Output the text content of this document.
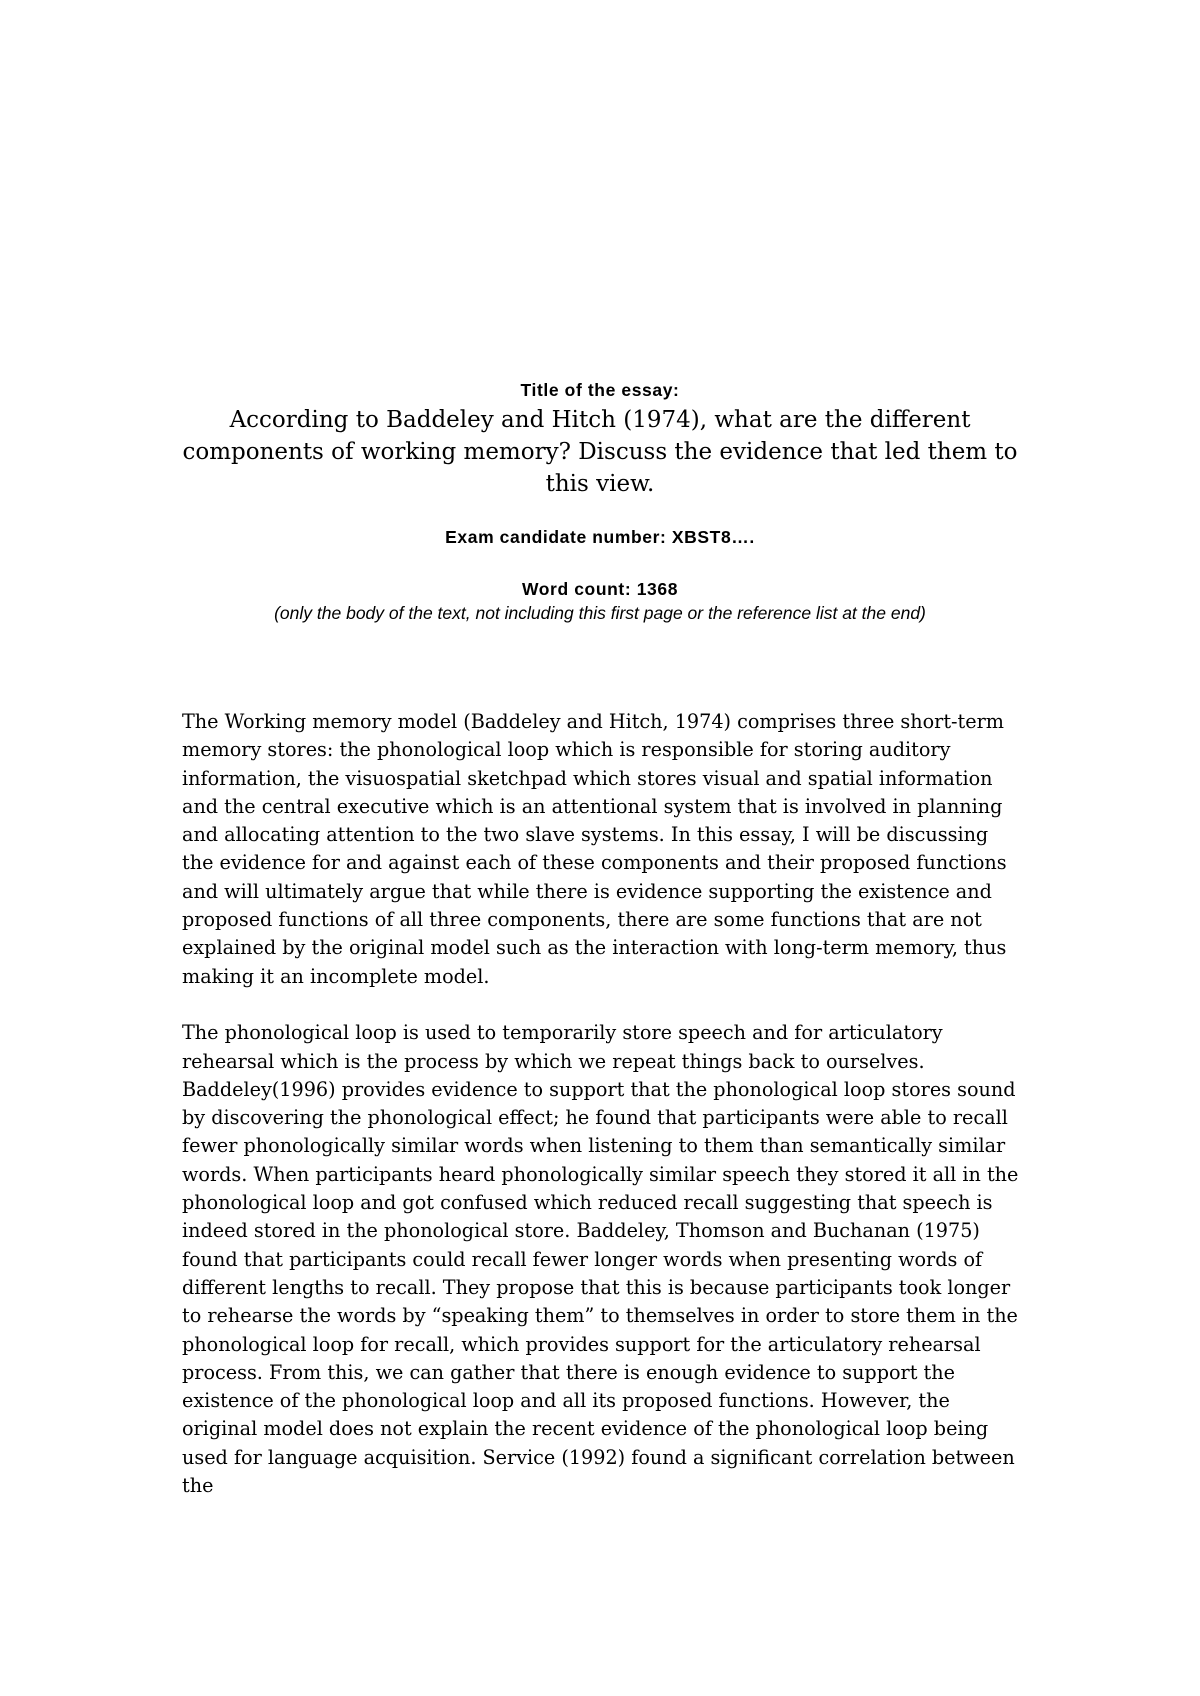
Title of the essay:

According to Baddeley and Hitch (1974), what are the different components of working memory? Discuss the evidence that led them to this view.

Exam candidate number: XBST8….

Word count: 1368

(only the body of the text, not including this first page or the reference list at the end)

The Working memory model (Baddeley and Hitch, 1974) comprises three short-term memory stores: the phonological loop which is responsible for storing auditory information, the visuospatial sketchpad which stores visual and spatial information and the central executive which is an attentional system that is involved in planning and allocating attention to the two slave systems. In this essay, I will be discussing the evidence for and against each of these components and their proposed functions and will ultimately argue that while there is evidence supporting the existence and proposed functions of all three components, there are some functions that are not explained by the original model such as the interaction with long-term memory, thus making it an incomplete model.

The phonological loop is used to temporarily store speech and for articulatory rehearsal which is the process by which we repeat things back to ourselves. Baddeley(1996) provides evidence to support that the phonological loop stores sound by discovering the phonological effect; he found that participants were able to recall fewer phonologically similar words when listening to them than semantically similar words. When participants heard phonologically similar speech they stored it all in the phonological loop and got confused which reduced recall suggesting that speech is indeed stored in the phonological store. Baddeley, Thomson and Buchanan (1975) found that participants could recall fewer longer words when presenting words of different lengths to recall. They propose that this is because participants took longer to rehearse the words by “speaking them” to themselves in order to store them in the phonological loop for recall, which provides support for the articulatory rehearsal process. From this, we can gather that there is enough evidence to support the existence of the phonological loop and all its proposed functions. However, the original model does not explain the recent evidence of the phonological loop being used for language acquisition. Service (1992) found a significant correlation between the
